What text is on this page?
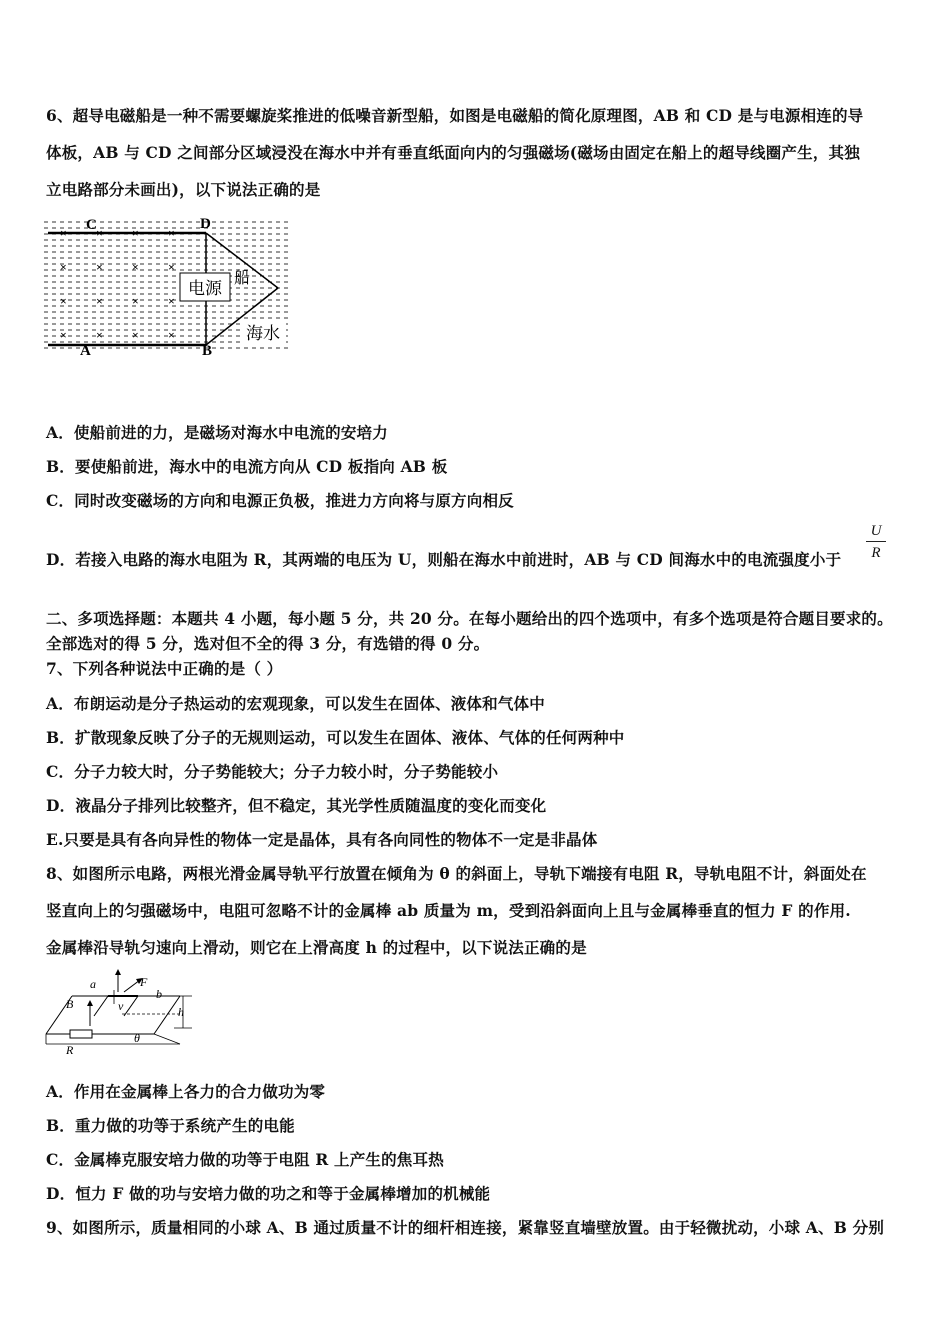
6、超导电磁船是一种不需要螺旋桨推进的低噪音新型船，如图是电磁船的简化原理图，AB 和 CD 是与电源相连的导
体板，AB 与 CD 之间部分区域浸没在海水中并有垂直纸面向内的匀强磁场(磁场由固定在船上的超导线圈产生，其独
立电路部分未画出)，以下说法正确的是
电源
× × × ×
× × × ×
× × × ×
× × × ×
C	D
A	B
船
海水
A．使船前进的力，是磁场对海水中电流的安培力
B．要使船前进，海水中的电流方向从 CD 板指向 AB 板
C．同时改变磁场的方向和电源正负极，推进力方向将与原方向相反
D．若接入电路的海水电阻为 R，其两端的电压为 U，则船在海水中前进时，AB 与 CD 间海水中的电流强度小于 $\frac{U}{R}$
二、多项选择题：本题共 4 小题，每小题 5 分，共 20 分。在每小题给出的四个选项中，有多个选项是符合题目要求的。
全部选对的得 5 分，选对但不全的得 3 分，有选错的得 0 分。
7、下列各种说法中正确的是（ ）
A．布朗运动是分子热运动的宏观现象，可以发生在固体、液体和气体中
B．扩散现象反映了分子的无规则运动，可以发生在固体、液体、气体的任何两种中
C．分子力较大时，分子势能较大；分子力较小时，分子势能较小
D．液晶分子排列比较整齐，但不稳定，其光学性质随温度的变化而变化
E.只要是具有各向异性的物体一定是晶体，具有各向同性的物体不一定是非晶体
8、如图所示电路，两根光滑金属导轨平行放置在倾角为 θ 的斜面上，导轨下端接有电阻 R，导轨电阻不计，斜面处在
竖直向上的匀强磁场中，电阻可忽略不计的金属棒 ab 质量为 m，受到沿斜面向上且与金属棒垂直的恒力 F 的作用.
金属棒沿导轨匀速向上滑动，则它在上滑高度 h 的过程中，以下说法正确的是
a
b
B
F
v	h
R
θ
A．作用在金属棒上各力的合力做功为零
B．重力做的功等于系统产生的电能
C．金属棒克服安培力做的功等于电阻 R 上产生的焦耳热
D．恒力 F 做的功与安培力做的功之和等于金属棒增加的机械能
9、如图所示，质量相同的小球 A、B 通过质量不计的细杆相连接，紧靠竖直墙壁放置。由于轻微扰动，小球 A、B 分别
